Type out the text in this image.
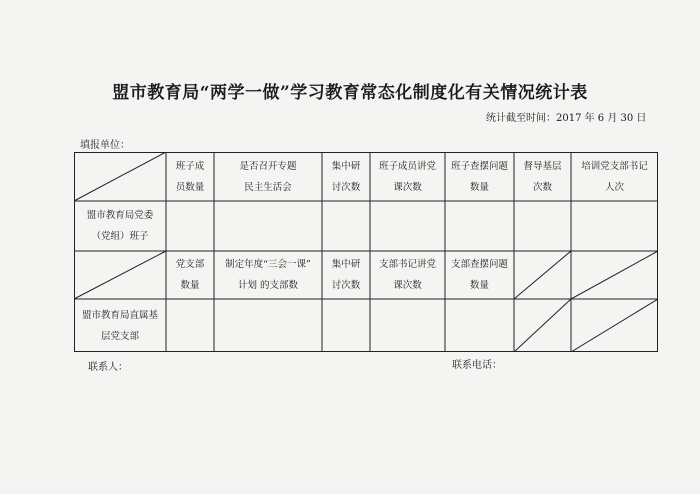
盟市教育局“两学一做”学习教育常态化制度化有关情况统计表
统计截至时间：2017 年 6 月 30 日
填报单位：
班子成
员数量
是否召开专题
民主生活会
集中研
讨次数
班子成员讲党
课次数
班子查摆问题
数量
督导基层
次数
培训党支部书记
人次
盟市教育局党委
（党组）班子
党支部
数量
制定年度“三会一课”
计划 的支部数
集中研
讨次数
支部书记讲党
课次数
支部查摆问题
数量
盟市教育局直属基
层党支部
联系人：	联系电话：
